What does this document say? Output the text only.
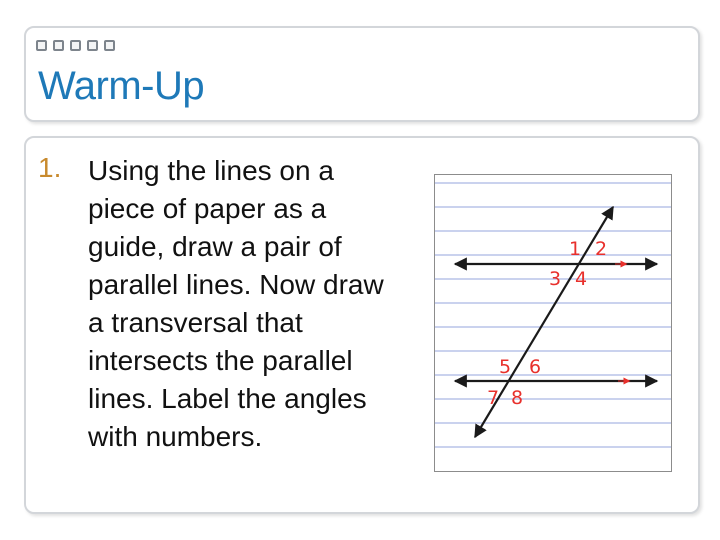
Warm-Up
1. Using the lines on a piece of paper as a guide, draw a pair of parallel lines. Now draw a transversal that intersects the parallel lines. Label the angles with numbers.

1 2
3 4
5 6
7 8
